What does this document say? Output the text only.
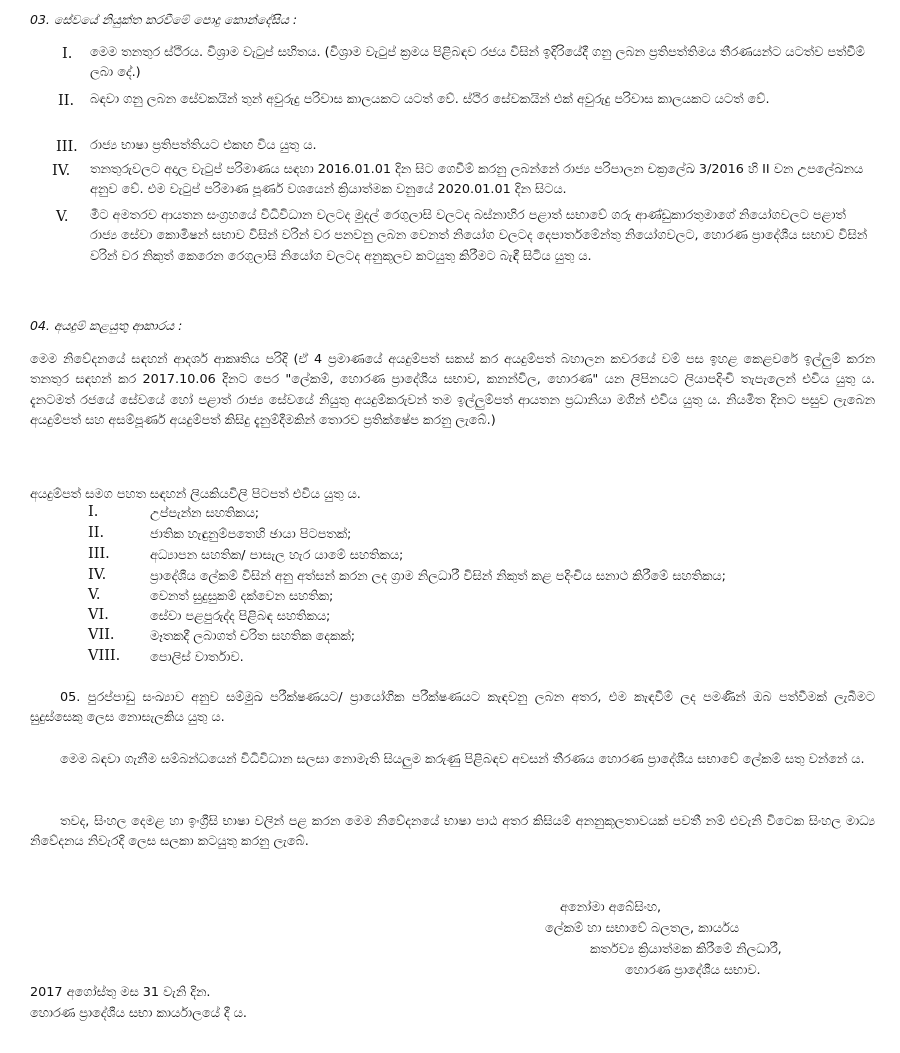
03. සේවයේ නියුක්ත කරවීමේ පොදු කොන්දේසිය :
I.	මෙම තනතුර ස්ථිරය. විශ්‍රාම වැටුප් සහිතය. (විශ්‍රාම වැටුප් ක්‍රමය පිළිබඳව රජය විසින් ඉදිරියේදී ගනු ලබන ප්‍රතිපත්තිමය තීරණයන්ට යටත්ව පත්වීම් ලබා දේ.)
II.	බඳවා ගනු ලබන සේවකයින් තුන් අවුරුදු පරිවාස කාලයකට යටත් වේ. ස්ථිර සේවකයින් එක් අවුරුදු පරිවාස කාලයකට යටත් වේ.
III. රාජ්‍ය භාෂා ප්‍රතිපත්තියට එකඟ විය යුතු ය.
IV.	තනතුරුවලට අදාල වැටුප් පරිමාණය සඳහා 2016.01.01 දින සිට ගෙවීම් කරනු ලබන්නේ රාජ්‍ය පරිපාලන චක්‍රලේඛ 3/2016 හි II වන උපලේඛනය අනුව වේ. එම වැටුප් පරිමාණ පූර්ණ වශයෙන් ක්‍රියාත්මක වනුයේ 2020.01.01 දින සිටය.
V.	මීට අමතරව ආයතන සංග්‍රහයේ විධිවිධාන වලටද මුදල් රෙගුලාසි වලටද බස්නාහිර පළාත් සභාවේ ගරු ආණ්ඩුකාරතුමාගේ නියෝගවලට පළාත් රාජ්‍ය සේවා කොමිෂන් සභාව විසින් වරින් වර පනවනු ලබන වෙනත් නියෝග වලටද දෙපාර්තමේන්තු නියෝගවලට, හොරණ ප්‍රාදේශීය සභාව විසින් වරින් වර නිකුත් කෙරෙන රෙගුලාසි නියෝග වලටද අනුකූලව කටයුතු කිරීමට බැඳී සිටිය යුතු ය.
04. අයදුම් කළයුතු ආකාරය :
මෙම නිවේදනයේ සඳහන් ආදර්ශ ආකෘතිය පරිදි (ඒ 4 ප්‍රමාණයේ අයදුම්පත් සකස් කර අයදුම්පත් බහාලන කවරයේ වම් පස ඉහළ කෙළවරේ ඉල්ලුම් කරන තනතුර සඳහන් කර 2017.10.06 දිනට පෙර "ලේකම්, හොරණ ප්‍රාදේශීය සභාව, කනන්විල, හොරණ" යන ලිපිනයට ලියාපදිංචි තැපැලෙන් එවිය යුතු ය. දැනටමත් රජයේ සේවයේ හෝ පළාත් රාජ්‍ය සේවයේ නියුතු අයදුම්කරුවන් තම ඉල්ලුම්පත් ආයතන ප්‍රධානියා මගින් එවිය යුතු ය. නියමිත දිනට පසුව ලැබෙන අයදුම්පත් සහ අසම්පූර්ණ අයදුම්පත් කිසිදු දැනුම්දීමකින් තොරව ප්‍රතික්ෂේප කරනු ලැබේ.)
අයදුම්පත් සමග පහත සඳහන් ලියකියවිලි පිටපත් එවිය යුතු ය.
I.	උප්පැන්න සහතිකය;
II.	ජාතික හැඳුනුම්පතෙහි ඡායා පිටපතක්;
III.	අධ්‍යාපන සහතික/ පාසැල හැර යාමේ සහතිකය;
IV.	ප්‍රාදේශීය ලේකම් විසින් අනු අත්සන් කරන ලද ග්‍රාම නිලධාරී විසින් නිකුත් කළ පදිංචිය සනාථ කිරීමේ සහතිකය;
V.	වෙනත් සුදුසුකම් දක්වෙන සහතික;
VI.	සේවා පළපුරුද්ද පිළිබඳ සහතිකය;
VII.	මෑතකදී ලබාගත් චරිත සහතික දෙකක්;
VIII. පොලිස් වාර්තාව.
05. පුරප්පාඩු සංඛ්‍යාව අනුව සම්මුඛ පරීක්ෂණයට/ ප්‍රායෝගික පරීක්ෂණයට කැඳවනු ලබන අතර, එම කැඳවීම් ලද පමණින් ඔබ පත්වීමක් ලැබීමට සුදුස්සෙකු ලෙස නොසැලකිය යුතු ය.
මෙම බඳවා ගැනීම සම්බන්ධයෙන් විධිවිධාන සලසා නොමැති සියලුම කරුණු පිළිබඳව අවසන් තීරණය හොරණ ප්‍රාදේශීය සභාවේ ලේකම් සතු වන්නේ ය.
තවද, සිංහල දෙමළ හා ඉංග්‍රීසි භාෂා වලින් පළ කරන මෙම නිවේදනයේ භාෂා පාඨ අතර කිසියම් අනනුකූලතාවයක් පවතී නම් එවැනි විටෙක සිංහල මාධ්‍ය නිවේදනය නිවැරදි ලෙස සලකා කටයුතු කරනු ලැබේ.
අනෝමා අබේසිංහ,
ලේකම් හා සභාවේ බලතල, කාර්යය
කර්තව්‍ය ක්‍රියාත්මක කිරීමේ නිලධාරී,
හොරණ ප්‍රාදේශීය සභාව.
2017 අගෝස්තු මස 31 වැනි දින.
හොරණ ප්‍රාදේශීය සභා කාර්යාලයේ දී ය.
